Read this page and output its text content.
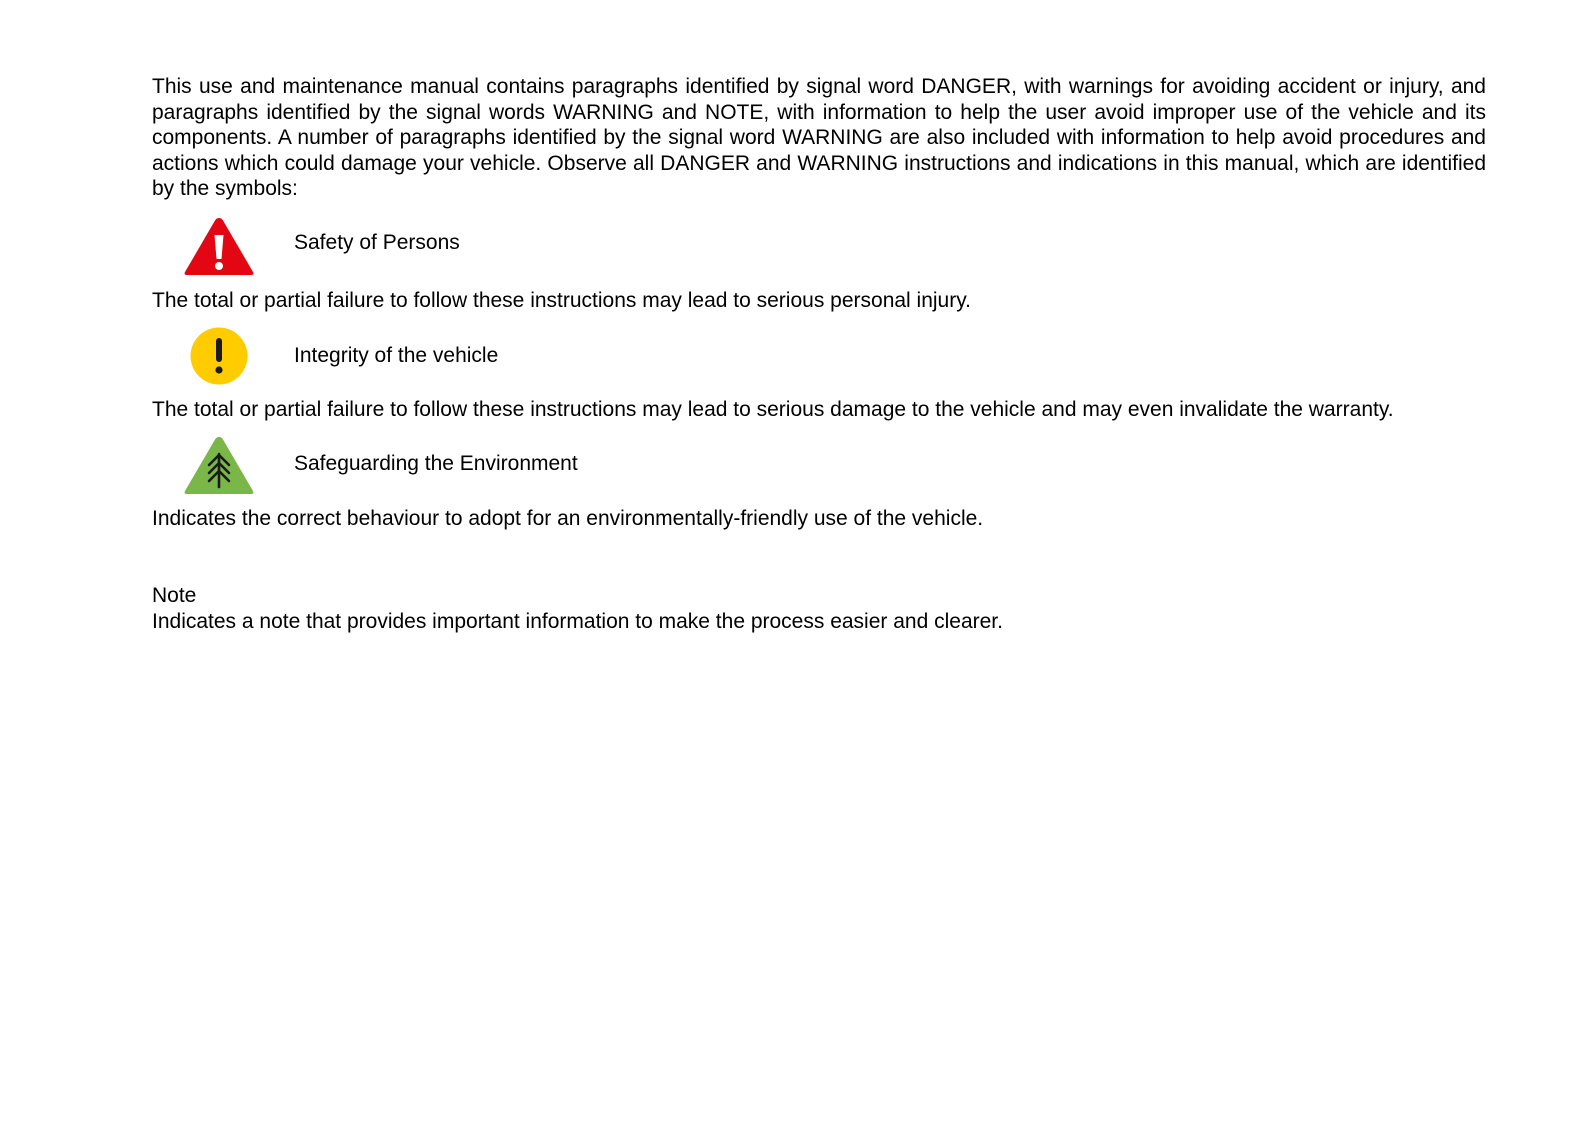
This use and maintenance manual contains paragraphs identified by signal word DANGER, with warnings for avoiding accident or injury, and paragraphs identified by the signal words WARNING and NOTE, with information to help the user avoid improper use of the vehicle and its components. A number of paragraphs identified by the signal word WARNING are also included with information to help avoid procedures and actions which could damage your vehicle. Observe all DANGER and WARNING instructions and indications in this manual, which are identified by the symbols:

Safety of Persons

The total or partial failure to follow these instructions may lead to serious personal injury.

Integrity of the vehicle

The total or partial failure to follow these instructions may lead to serious damage to the vehicle and may even invalidate the warranty.

Safeguarding the Environment

Indicates the correct behaviour to adopt for an environmentally-friendly use of the vehicle.

Note

Indicates a note that provides important information to make the process easier and clearer.
